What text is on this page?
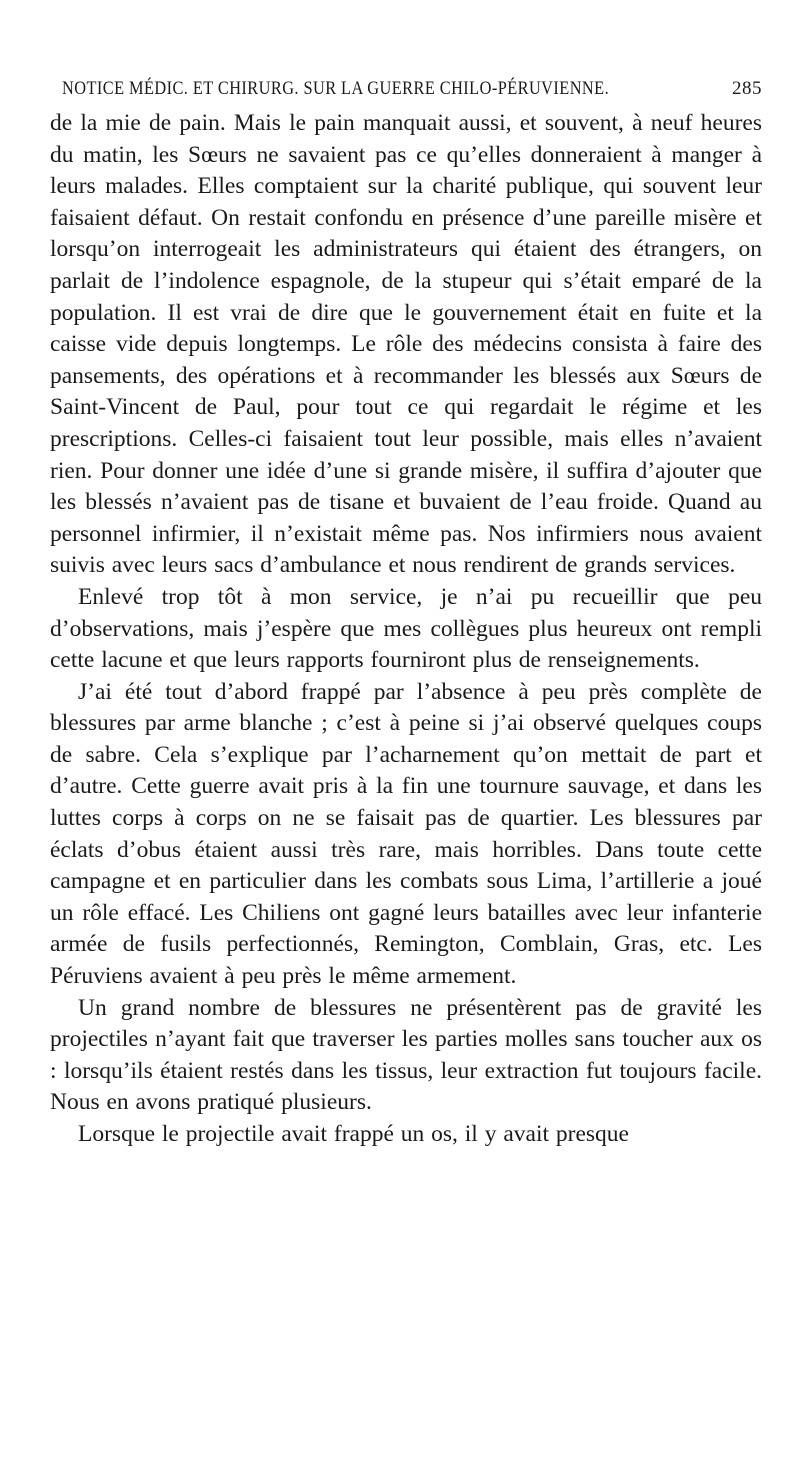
NOTICE MÉDIC. ET CHIRURG. SUR LA GUERRE CHILO-PÉRUVIENNE.	285

de la mie de pain. Mais le pain manquait aussi, et souvent, à neuf heures du matin, les Sœurs ne savaient pas ce qu’elles donneraient à manger à leurs malades. Elles comptaient sur la charité publique, qui souvent leur faisaient défaut. On restait confondu en présence d’une pareille misère et lorsqu’on interrogeait les administrateurs qui étaient des étrangers, on parlait de l’indolence espagnole, de la stupeur qui s’était emparé de la population. Il est vrai de dire que le gouvernement était en fuite et la caisse vide depuis longtemps. Le rôle des médecins consista à faire des pansements, des opérations et à recommander les blessés aux Sœurs de Saint-Vincent de Paul, pour tout ce qui regardait le régime et les prescriptions. Celles-ci faisaient tout leur possible, mais elles n’avaient rien. Pour donner une idée d’une si grande misère, il suffira d’ajouter que les blessés n’avaient pas de tisane et buvaient de l’eau froide. Quand au personnel infirmier, il n’existait même pas. Nos infirmiers nous avaient suivis avec leurs sacs d’ambulance et nous rendirent de grands services.

Enlevé trop tôt à mon service, je n’ai pu recueillir que peu d’observations, mais j’espère que mes collègues plus heureux ont rempli cette lacune et que leurs rapports fourniront plus de renseignements.

J’ai été tout d’abord frappé par l’absence à peu près complète de blessures par arme blanche ; c’est à peine si j’ai observé quelques coups de sabre. Cela s’explique par l’acharnement qu’on mettait de part et d’autre. Cette guerre avait pris à la fin une tournure sauvage, et dans les luttes corps à corps on ne se faisait pas de quartier. Les blessures par éclats d’obus étaient aussi très rare, mais horribles. Dans toute cette campagne et en particulier dans les combats sous Lima, l’artillerie a joué un rôle effacé. Les Chiliens ont gagné leurs batailles avec leur infanterie armée de fusils perfectionnés, Remington, Comblain, Gras, etc. Les Péruviens avaient à peu près le même armement.

Un grand nombre de blessures ne présentèrent pas de gravité les projectiles n’ayant fait que traverser les parties molles sans toucher aux os : lorsqu’ils étaient restés dans les tissus, leur extraction fut toujours facile. Nous en avons pratiqué plusieurs.

Lorsque le projectile avait frappé un os, il y avait presque
